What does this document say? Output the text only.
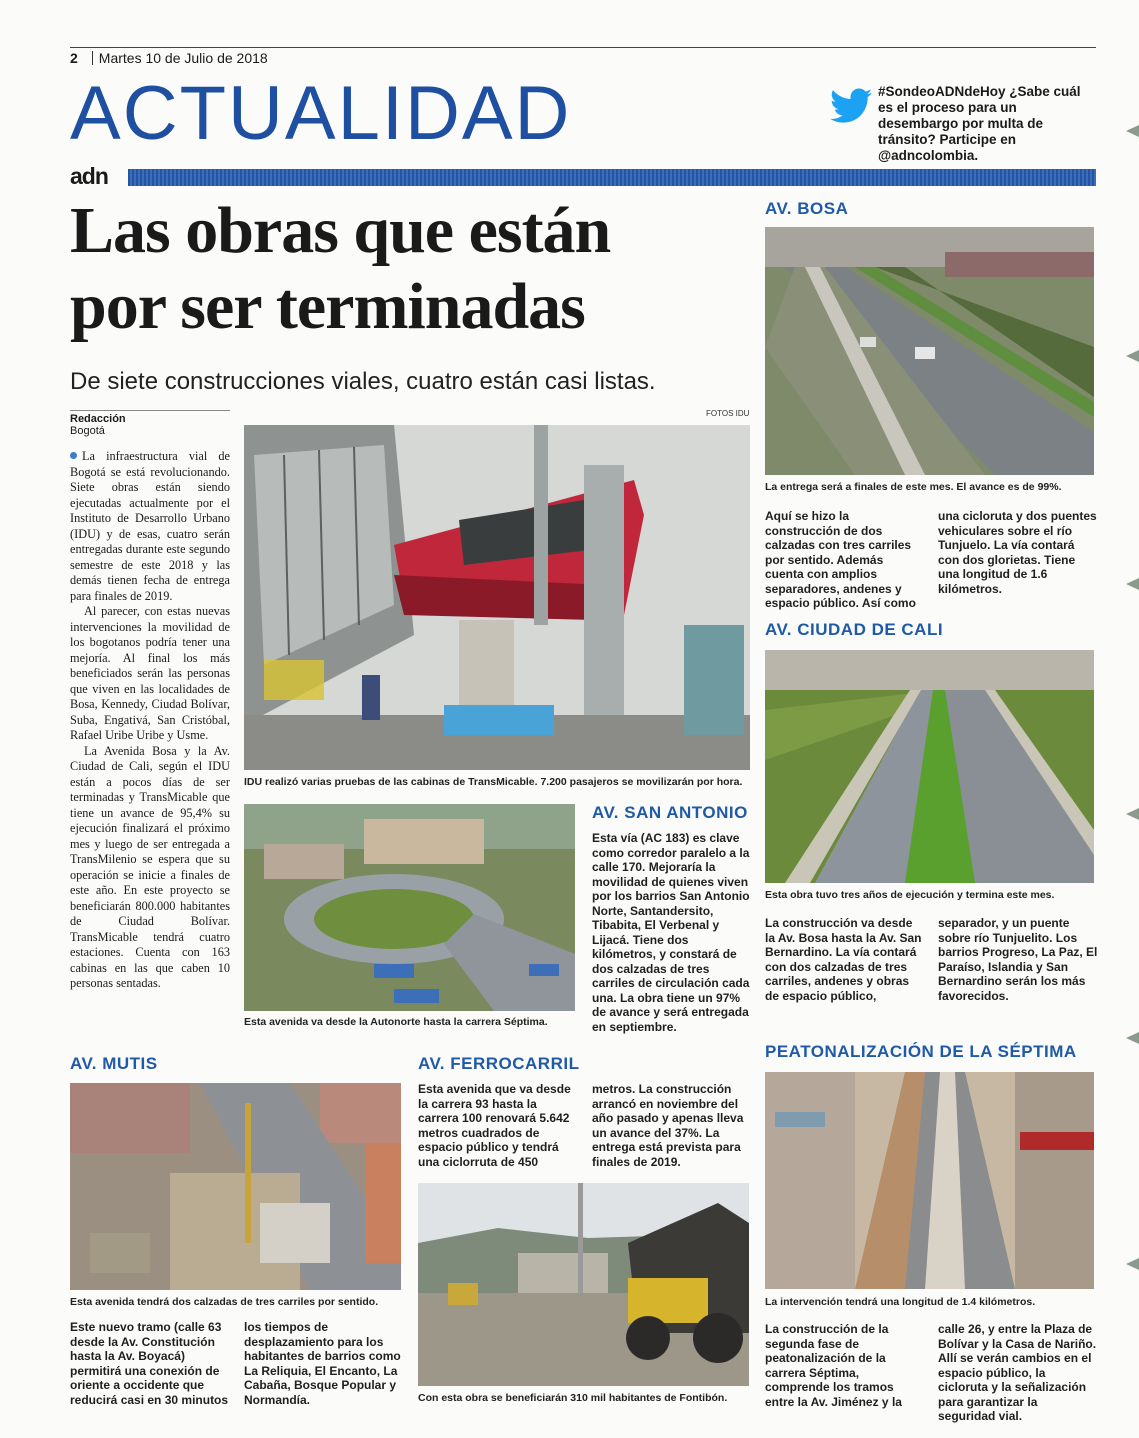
2 Martes 10 de Julio de 2018
ACTUALIDAD	#SondeoADNdeHoy ¿Sabe cuál es el proceso para un desembargo por multa de tránsito? Participe en @adncolombia.
adn
Las obras que están
por ser terminadas
De siete construcciones viales, cuatro están casi listas.
FOTOS IDU
Redacción
Bogotá

La infraestructura vial de Bogotá se está revolucionando. Siete obras están siendo ejecutadas actualmente por el Instituto de Desarrollo Urbano (IDU) y de esas, cuatro serán entregadas durante este segundo semestre de este 2018 y las demás tienen fecha de entrega para finales de 2019.

Al parecer, con estas nuevas intervenciones la movilidad de los bogotanos podría tener una mejoría. Al final los más beneficiados serán las personas que viven en las localidades de Bosa, Kennedy, Ciudad Bolívar, Suba, Engativá, San Cristóbal, Rafael Uribe Uribe y Usme.

La Avenida Bosa y la Av. Ciudad de Cali, según el IDU están a pocos días de ser terminadas y TransMicable que tiene un avance de 95,4% su ejecución finalizará el próximo mes y luego de ser entregada a TransMilenio se espera que su operación se inicie a finales de este año. En este proyecto se beneficiarán 800.000 habitantes de Ciudad Bolívar. TransMicable tendrá cuatro estaciones. Cuenta con 163 cabinas en las que caben 10 personas sentadas.

IDU realizó varias pruebas de las cabinas de TransMicable. 7.200 pasajeros se movilizarán por hora.
AV. BOSA
La entrega será a finales de este mes. El avance es de 99%.
Aquí se hizo la construcción de dos calzadas con tres carriles por sentido. Además cuenta con amplios separadores, andenes y espacio público. Así como
una cicloruta y dos puentes vehiculares sobre el río Tunjuelo. La vía contará con dos glorietas. Tiene una longitud de 1.6 kilómetros.
AV. CIUDAD DE CALI
Esta obra tuvo tres años de ejecución y termina este mes.
La construcción va desde la Av. Bosa hasta la Av. San Bernardino. La vía contará con dos calzadas de tres carriles, andenes y obras de espacio público,
separador, y un puente sobre río Tunjuelito. Los barrios Progreso, La Paz, El Paraíso, Islandia y San Bernardino serán los más favorecidos.
Esta avenida va desde la Autonorte hasta la carrera Séptima.
AV. SAN ANTONIO
Esta vía (AC 183) es clave como corredor paralelo a la calle 170. Mejoraría la movilidad de quienes viven por los barrios San Antonio Norte, Santandersito, Tibabita, El Verbenal y Lijacá. Tiene dos kilómetros, y constará de dos calzadas de tres carriles de circulación cada una. La obra tiene un 97% de avance y será entregada en septiembre.
AV. MUTIS
Esta avenida tendrá dos calzadas de tres carriles por sentido.
Este nuevo tramo (calle 63 desde la Av. Constitución hasta la Av. Boyacá) permitirá una conexión de oriente a occidente que reducirá casi en 30 minutos
los tiempos de desplazamiento para los habitantes de barrios como La Reliquia, El Encanto, La Cabaña, Bosque Popular y Normandía.
AV. FERROCARRIL
Esta avenida que va desde la carrera 93 hasta la carrera 100 renovará 5.642 metros cuadrados de espacio público y tendrá una ciclorruta de 450
metros. La construcción arrancó en noviembre del año pasado y apenas lleva un avance del 37%. La entrega está prevista para finales de 2019.
Con esta obra se beneficiarán 310 mil habitantes de Fontibón.
PEATONALIZACIÓN DE LA SÉPTIMA
La intervención tendrá una longitud de 1.4 kilómetros.
La construcción de la segunda fase de peatonalización de la carrera Séptima, comprende los tramos entre la Av. Jiménez y la
calle 26, y entre la Plaza de Bolívar y la Casa de Nariño. Allí se verán cambios en el espacio público, la cicloruta y la señalización para garantizar la seguridad vial.
